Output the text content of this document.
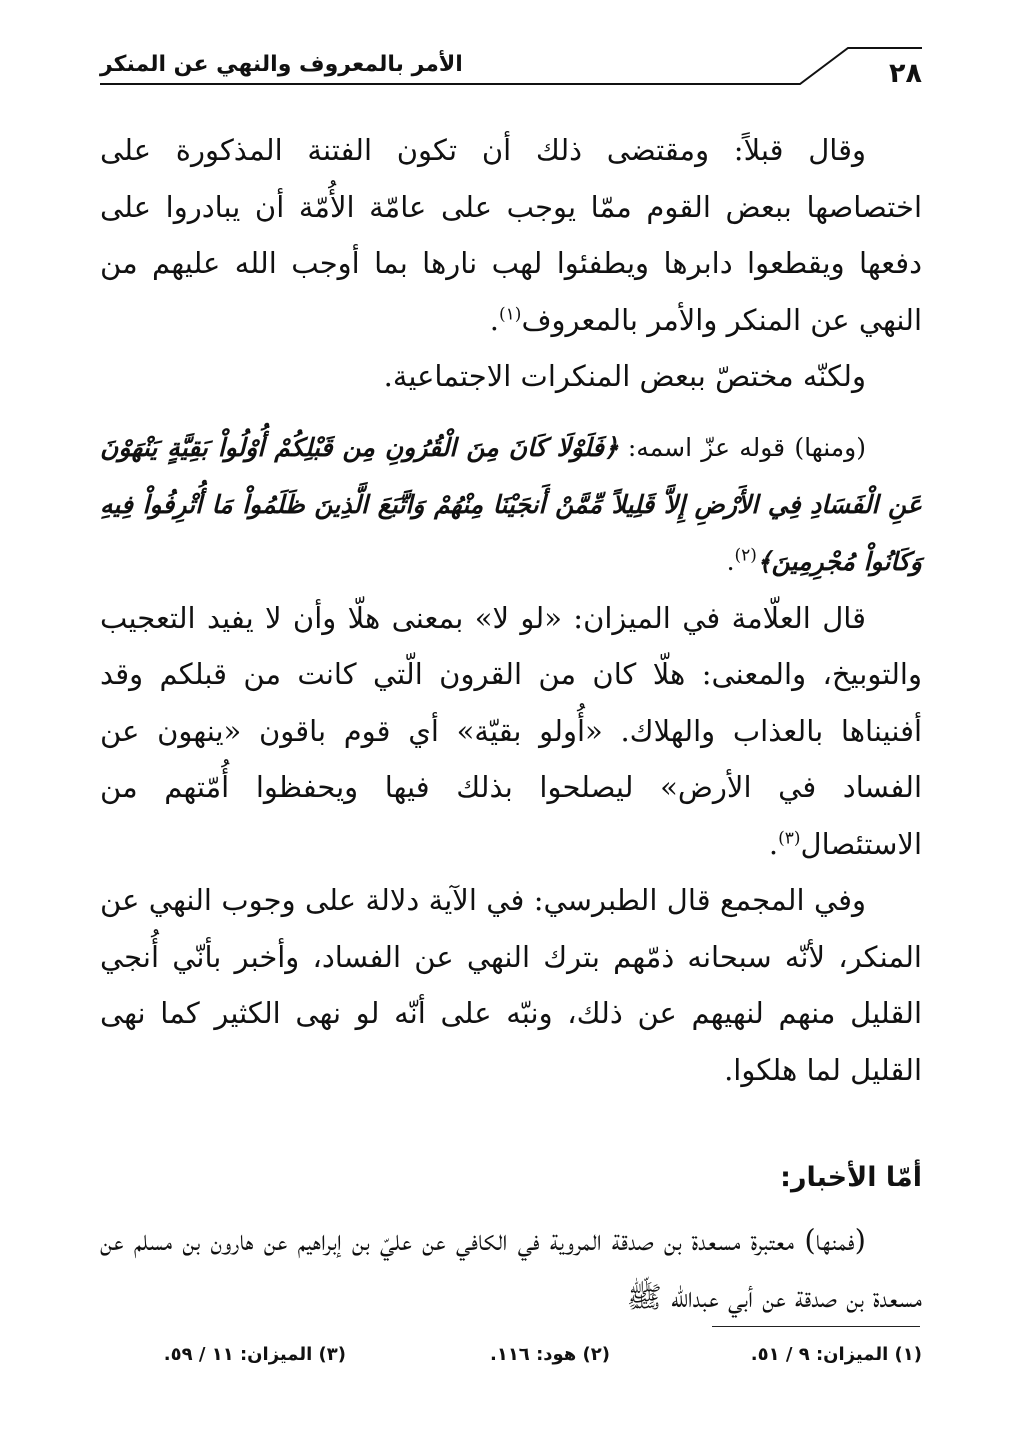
٢٨
الأمر بالمعروف والنهي عن المنكر

وقال قبلاً: ومقتضى ذلك أن تكون الفتنة المذكورة على اختصاصها ببعض القوم ممّا يوجب على عامّة الأُمّة أن يبادروا على دفعها ويقطعوا دابرها ويطفئوا لهب نارها بما أوجب الله عليهم من النهي عن المنكر والأمر بالمعروف$^{(١)}$.

ولكنّه مختصّ ببعض المنكرات الاجتماعية.

(ومنها) قوله عزّ اسمه: ﴿فَلَوْلَا كَانَ مِنَ الْقُرُونِ مِن قَبْلِكُمْ أُوْلُواْ بَقِيَّةٍ يَنْهَوْنَ عَنِ الْفَسَادِ فِي الأَرْضِ إِلاَّ قَلِيلاً مِّمَّنْ أَنجَيْنَا مِنْهُمْ وَاتَّبَعَ الَّذِينَ ظَلَمُواْ مَا أُتْرِفُواْ فِيهِ وَكَانُواْ مُجْرِمِينَ﴾$^{(٢)}$.

قال العلّامة في الميزان: «لو لا» بمعنى هلّا وأن لا يفيد التعجيب والتوبيخ، والمعنى: هلّا كان من القرون الّتي كانت من قبلكم وقد أفنيناها بالعذاب والهلاك. «أُولو بقيّة» أي قوم باقون «ينهون عن الفساد في الأرض» ليصلحوا بذلك فيها ويحفظوا أُمّتهم من الاستئصال$^{(٣)}$.

وفي المجمع قال الطبرسي: في الآية دلالة على وجوب النهي عن المنكر، لأنّه سبحانه ذمّهم بترك النهي عن الفساد، وأخبر بأنّي أُنجي القليل منهم لنهيهم عن ذلك، ونبّه على أنّه لو نهى الكثير كما نهى القليل لما هلكوا.

أمّا الأخبار:

(فمنها) معتبرة مسعدة بن صدقة المروية في الكافي عن عليّ بن إبراهيم عن هارون بن مسلم عن مسعدة بن صدقة عن أبي عبدالله ﷺ

(١) الميزان: ٩ / ٥١.
(٢) هود: ١١٦.
(٣) الميزان: ١١ / ٥٩.
